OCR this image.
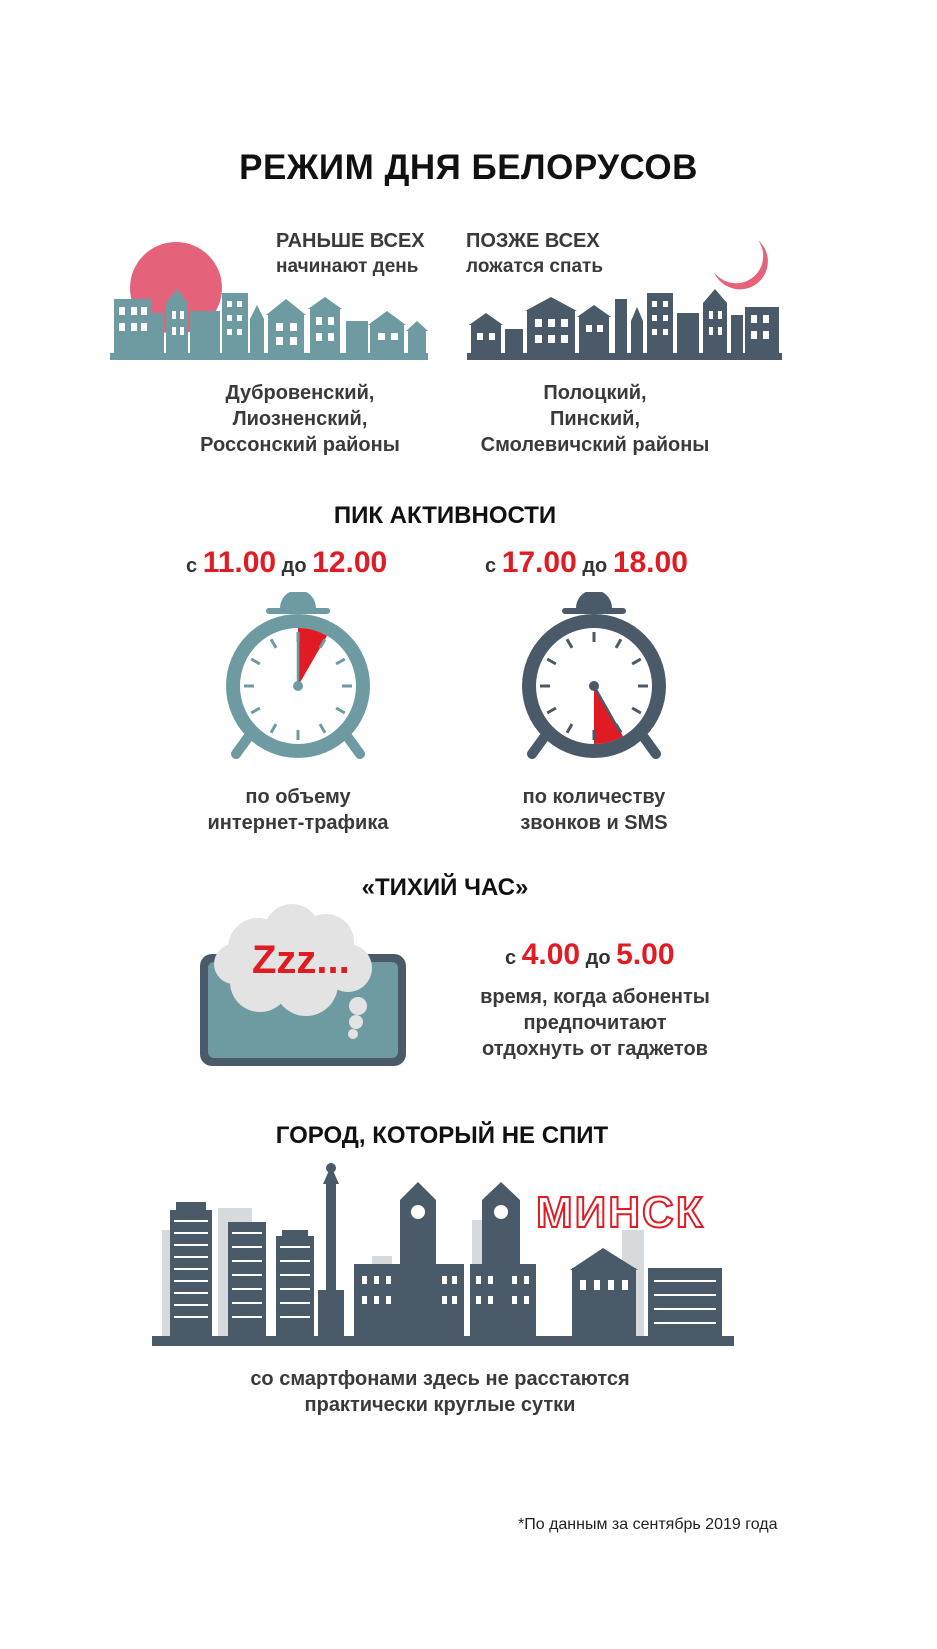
РЕЖИМ ДНЯ БЕЛОРУСОВ
РАНЬШЕ ВСЕХ
начинают день
ПОЗЖЕ ВСЕХ
ложатся спать
Дубровенский,
Лиозненский,
Россонский районы
Полоцкий,
Пинский,
Смолевичский районы
ПИК АКТИВНОСТИ
с 11.00 до 12.00	с 17.00 до 18.00
по объему
интернет-трафика
по количеству
звонков и SMS
«ТИХИЙ ЧАС»
Zzz...	с 4.00 до 5.00
время, когда абоненты
предпочитают
отдохнуть от гаджетов
ГОРОД, КОТОРЫЙ НЕ СПИТ
МИНСК
со смартфонами здесь не расстаются
практически круглые сутки
*По данным за сентябрь 2019 года
